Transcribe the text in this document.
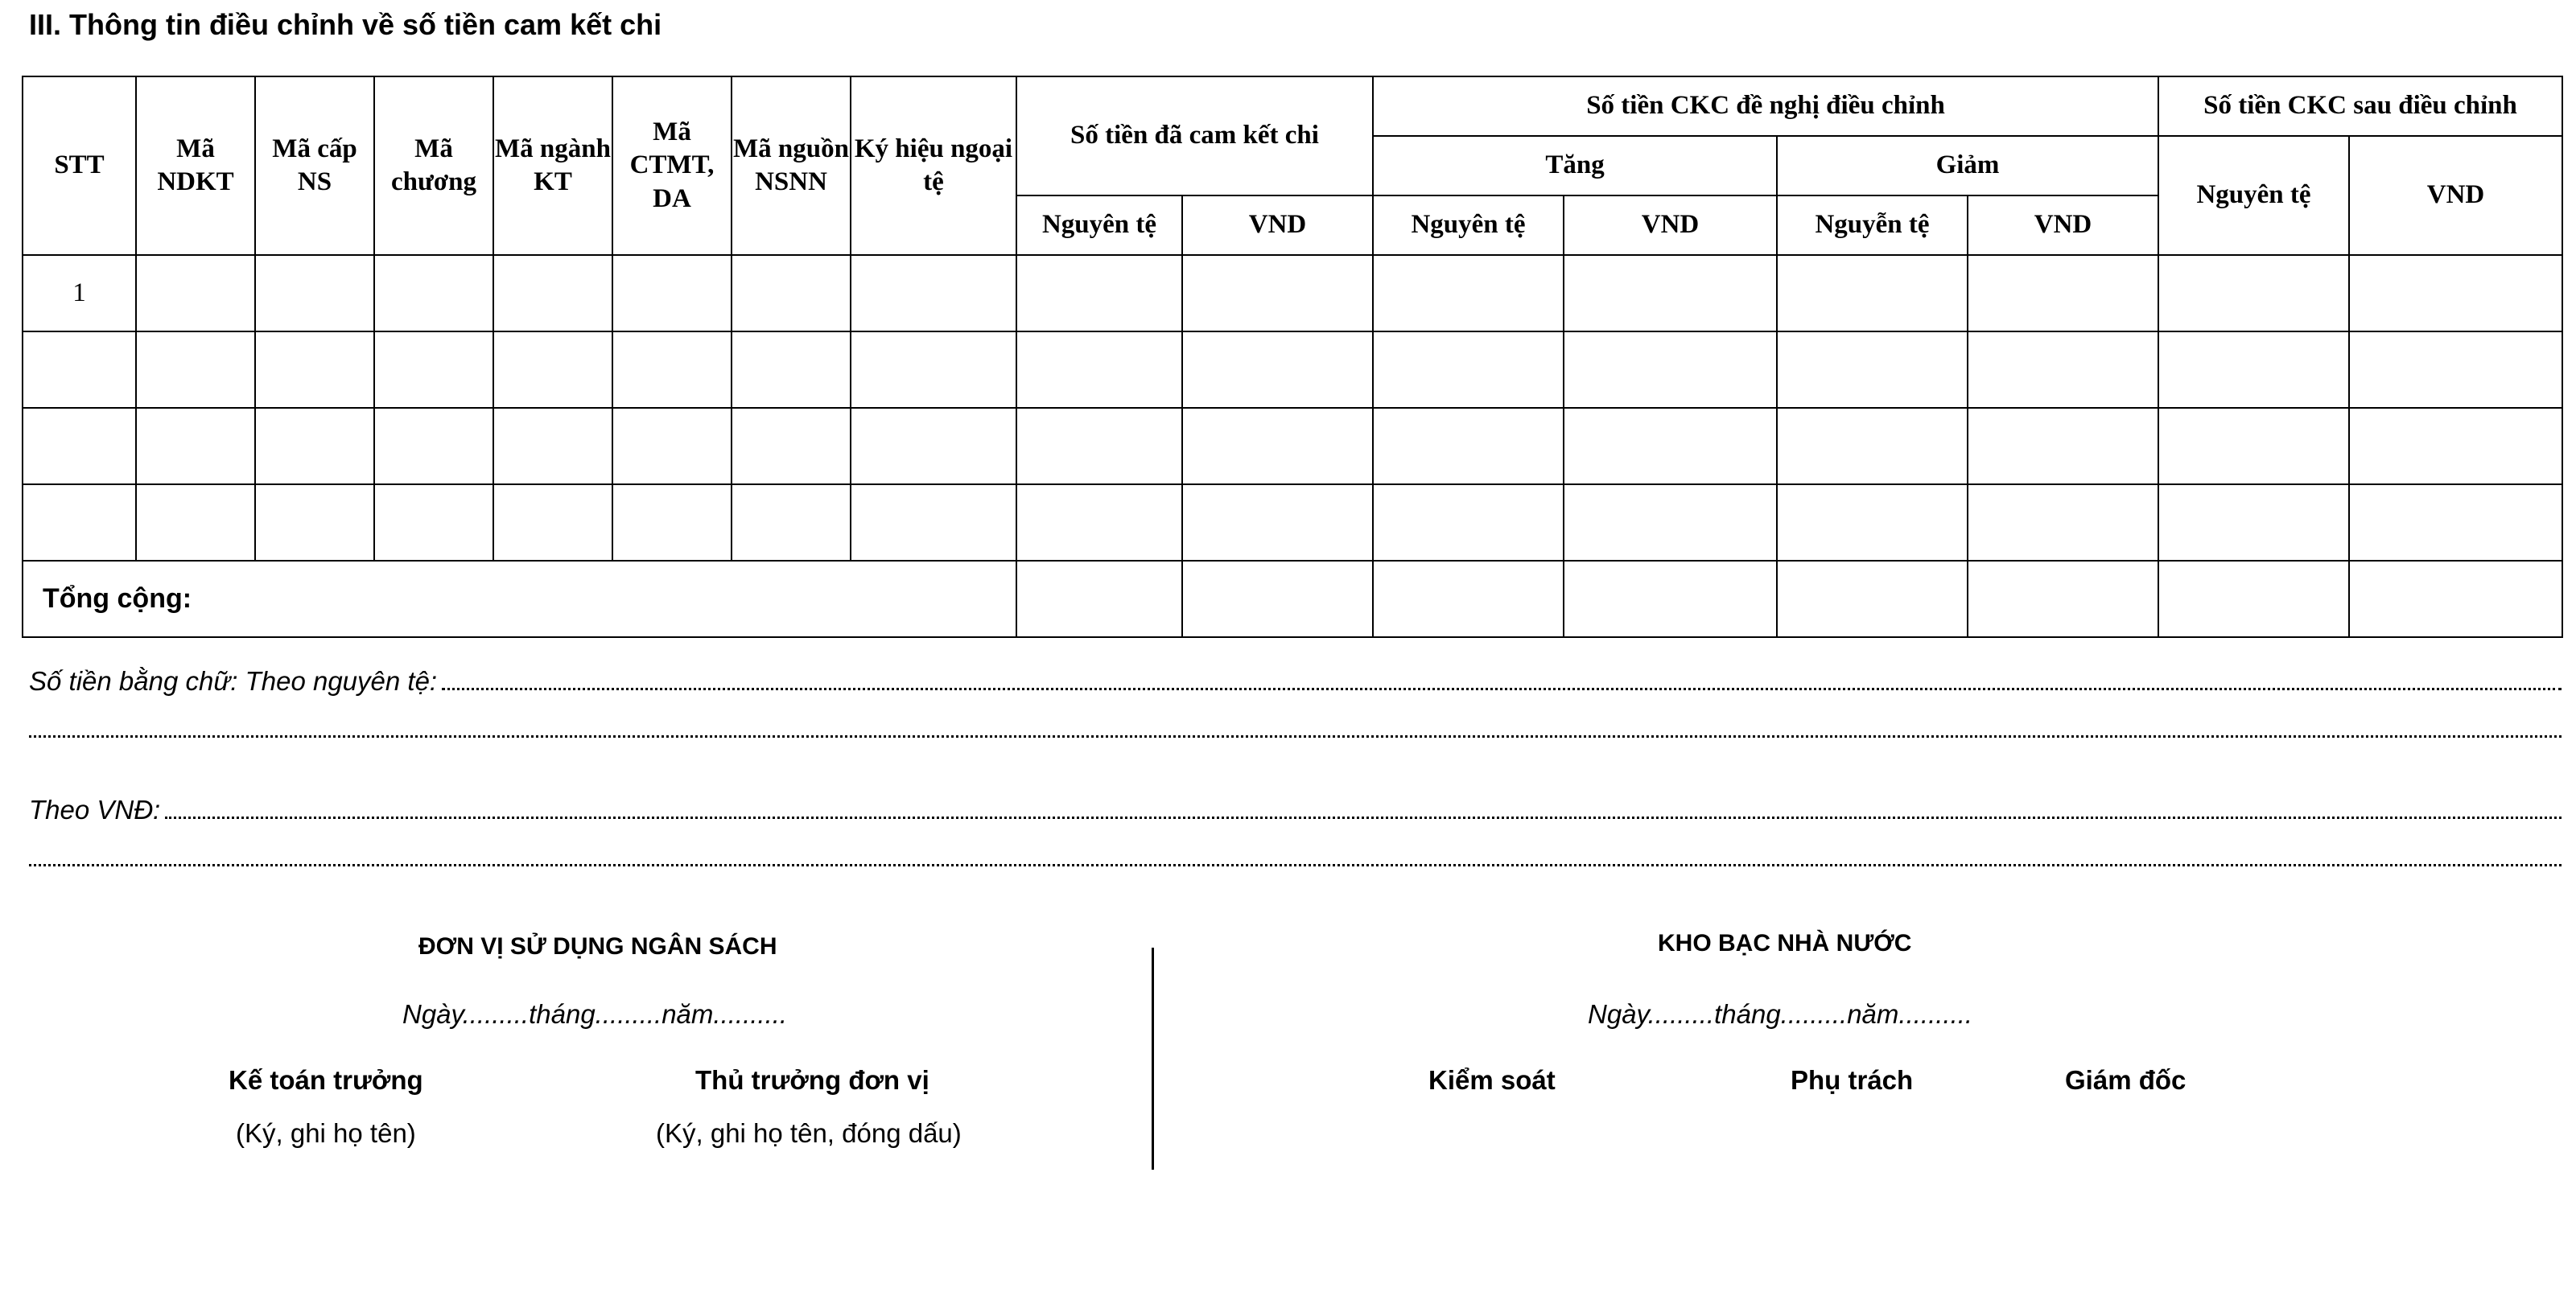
III. Thông tin điều chỉnh về số tiền cam kết chi
STT	Mã NDKT	Mã cấp NS	Mã chương	Mã ngành KT	Mã CTMT, DA	Mã nguồn NSNN	Ký hiệu ngoại tệ	Số tiền đã cam kết chi		Số tiền CKC đề nghị điều chỉnh				Số tiền CKC sau điều chỉnh	
										Tăng		Giảm		Nguyên tệ	VND
								Nguyên tệ	VND	Nguyên tệ	VND	Nguyễn tệ	VND		
1															

Tổng cộng:															
Số tiền bằng chữ: Theo nguyên tệ:
Theo VNĐ:
ĐƠN VỊ SỬ DỤNG NGÂN SÁCH
Ngày.........tháng.........năm..........
Kế toán trưởng
(Ký, ghi họ tên)
Thủ trưởng đơn vị
(Ký, ghi họ tên, đóng dấu)
KHO BẠC NHÀ NƯỚC
Ngày.........tháng.........năm..........
Kiểm soát	Phụ trách	Giám đốc
